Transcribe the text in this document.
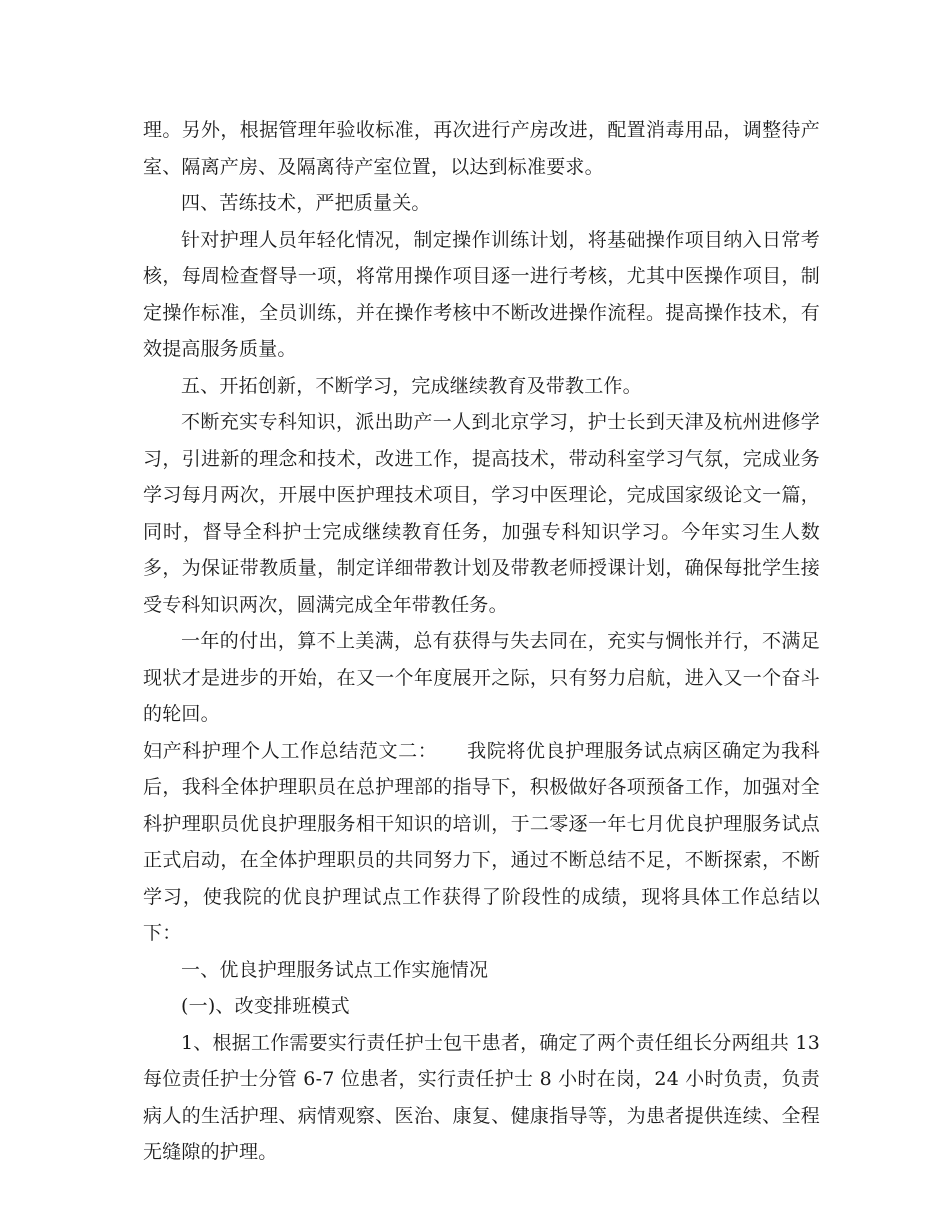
理。另外，根据管理年验收标准，再次进行产房改进，配置消毒用品，调整待产室、隔离产房、及隔离待产室位置，以达到标准要求。

四、苦练技术，严把质量关。

针对护理人员年轻化情况，制定操作训练计划，将基础操作项目纳入日常考核，每周检查督导一项，将常用操作项目逐一进行考核，尤其中医操作项目，制定操作标准，全员训练，并在操作考核中不断改进操作流程。提高操作技术，有效提高服务质量。

五、开拓创新，不断学习，完成继续教育及带教工作。

不断充实专科知识，派出助产一人到北京学习，护士长到天津及杭州进修学习，引进新的理念和技术，改进工作，提高技术，带动科室学习气氛，完成业务学习每月两次，开展中医护理技术项目，学习中医理论，完成国家级论文一篇，同时，督导全科护士完成继续教育任务，加强专科知识学习。今年实习生人数多，为保证带教质量，制定详细带教计划及带教老师授课计划，确保每批学生接受专科知识两次，圆满完成全年带教任务。

一年的付出，算不上美满，总有获得与失去同在，充实与惆怅并行，不满足现状才是进步的开始，在又一个年度展开之际，只有努力启航，进入又一个奋斗的轮回。

妇产科护理个人工作总结范文二：　　我院将优良护理服务试点病区确定为我科后，我科全体护理职员在总护理部的指导下，积极做好各项预备工作，加强对全科护理职员优良护理服务相干知识的培训，于二零逐一年七月优良护理服务试点正式启动，在全体护理职员的共同努力下，通过不断总结不足，不断探索，不断学习，使我院的优良护理试点工作获得了阶段性的成绩，现将具体工作总结以下：

一、优良护理服务试点工作实施情况

(一)、改变排班模式

1、根据工作需要实行责任护士包干患者，确定了两个责任组长分两组共 13 每位责任护士分管 6-7 位患者，实行责任护士 8 小时在岗，24 小时负责，负责病人的生活护理、病情观察、医治、康复、健康指导等，为患者提供连续、全程无缝隙的护理。
